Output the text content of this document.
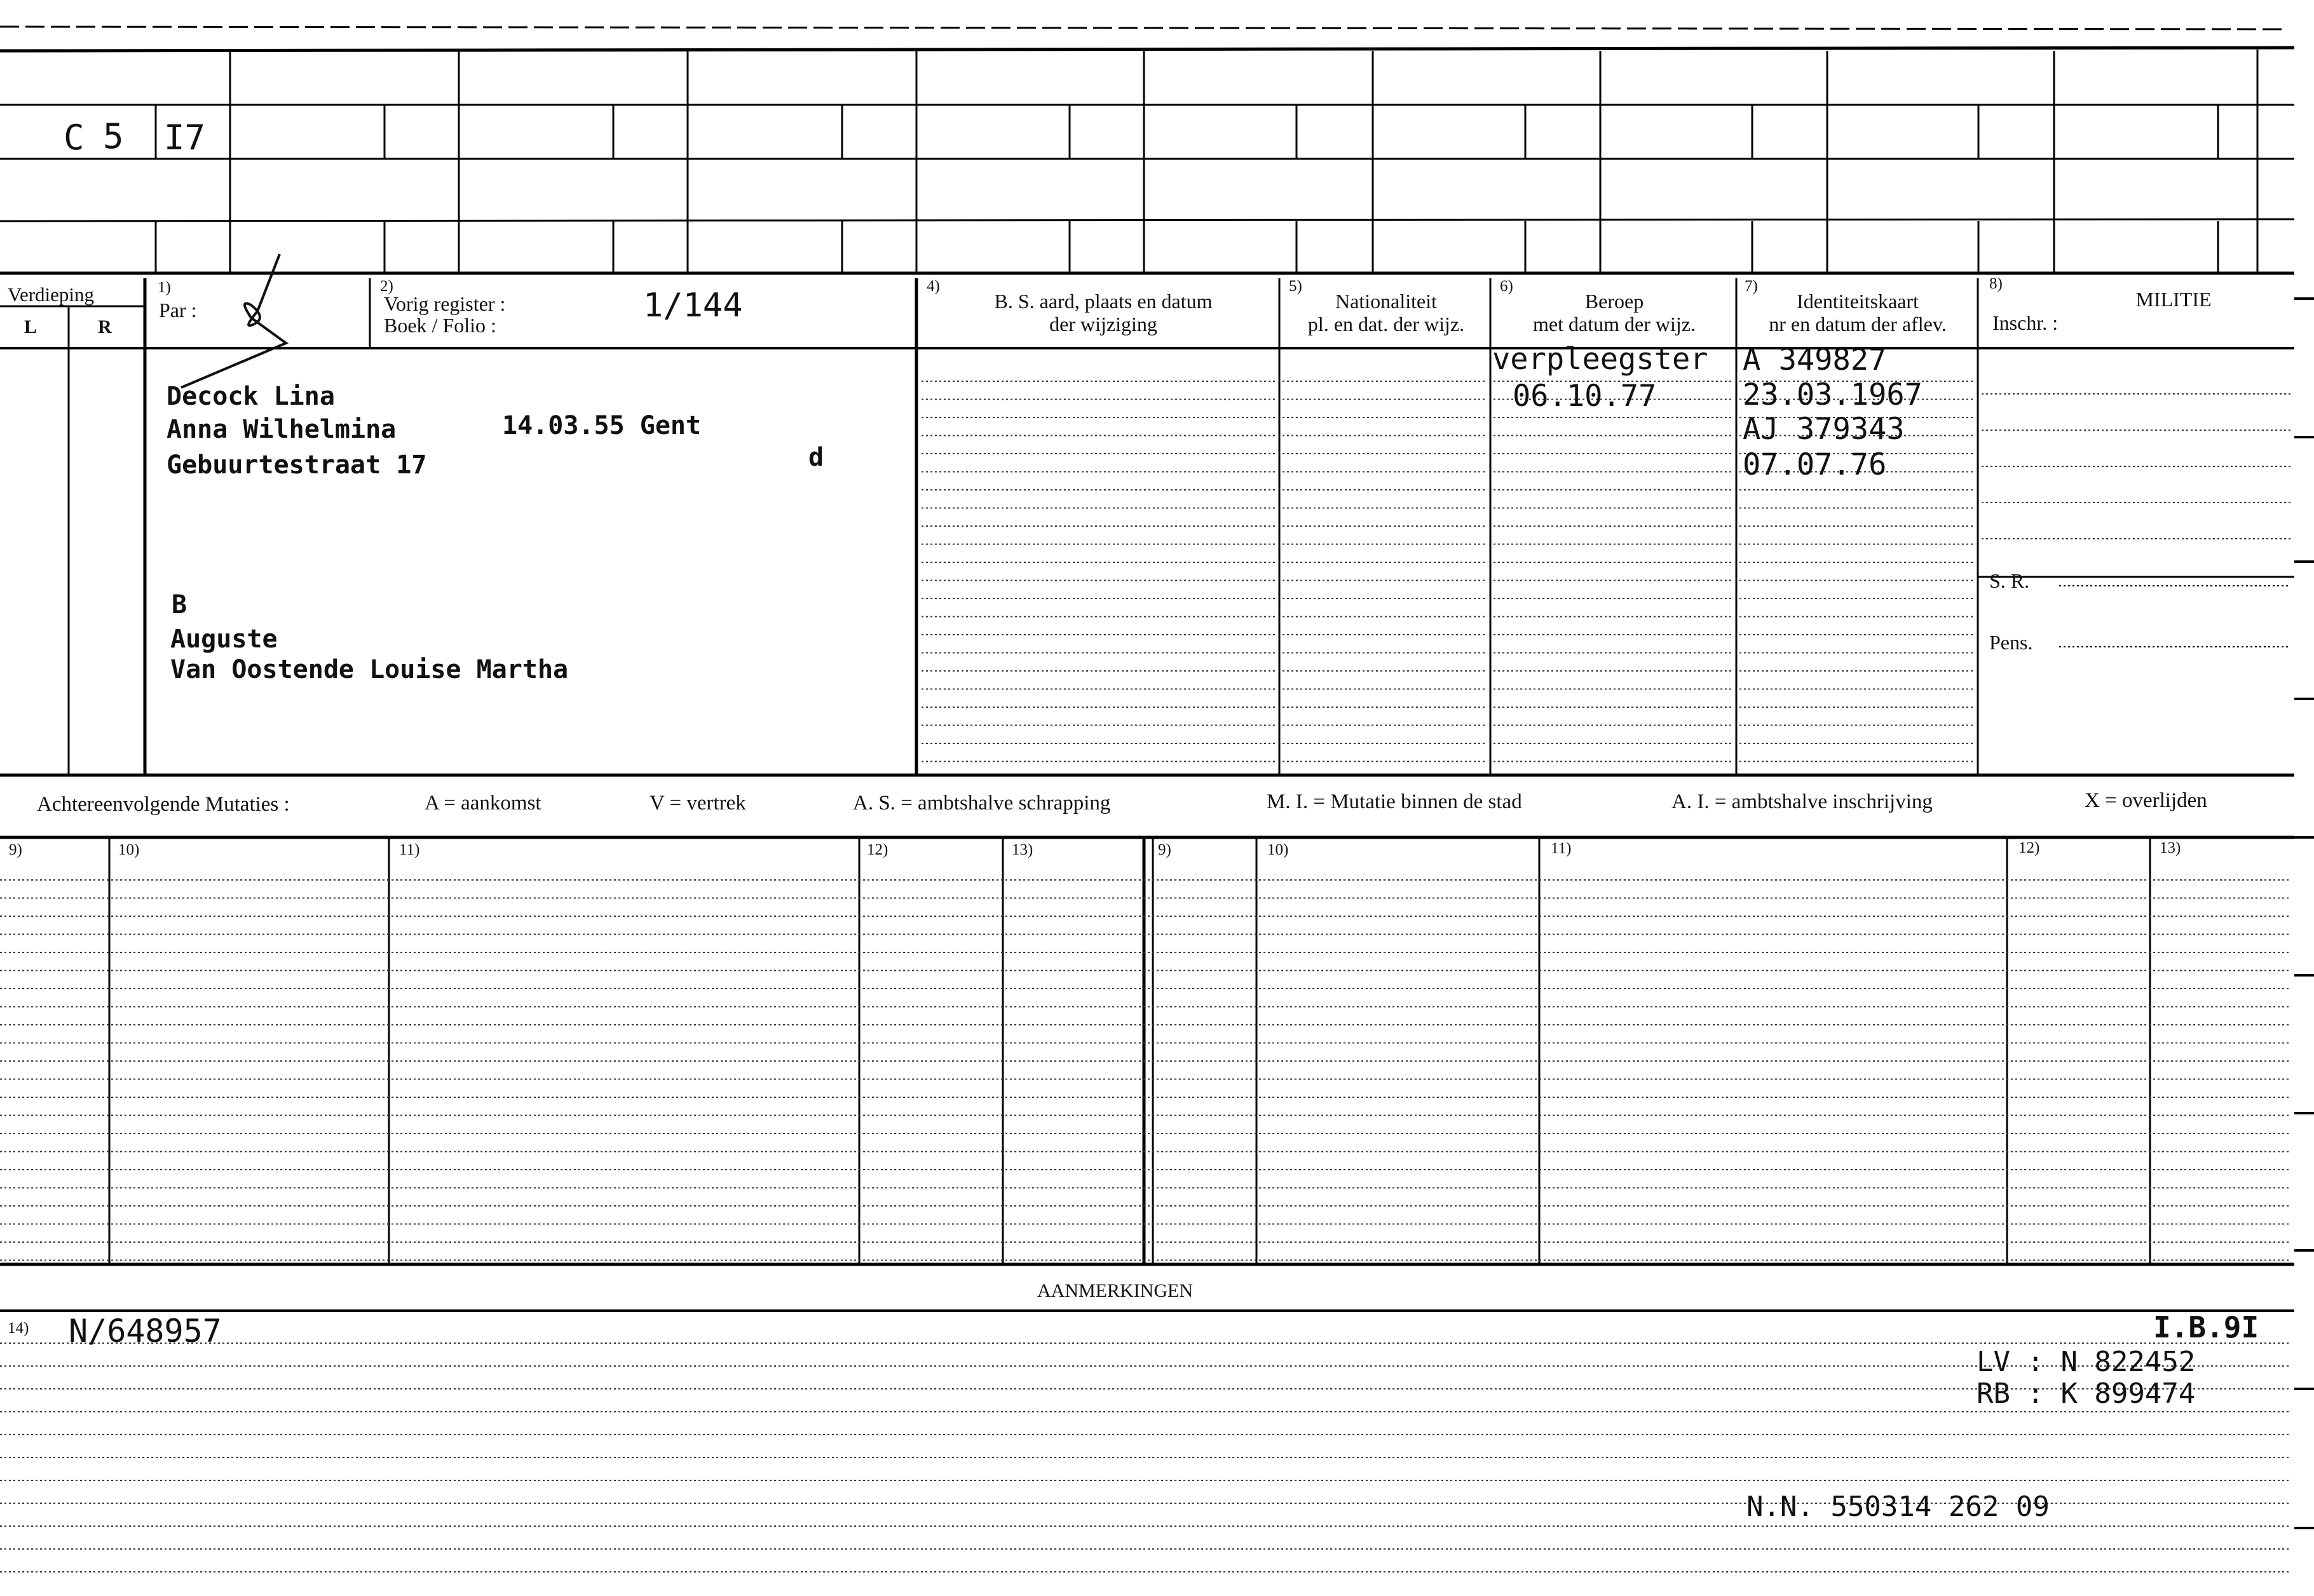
C 5 I7
Verdieping
L	R
1)
Par :
2)
Vorig register :
Boek / Folio :
1/144
4)
B. S. aard, plaats en datum
der wijziging
5)
Nationaliteit
pl. en dat. der wijz.
6)
Beroep
met datum der wijz.
7)
Identiteitskaart
nr en datum der aflev.
8)
MILITIE
Inschr. :
S. R.
Pens.
Decock Lina
Anna Wilhelmina	14.03.55 Gent
Gebuurtestraat 17	d
B
Auguste
Van Oostende Louise Martha
verpleegster
06.10.77
A 349827
23.03.1967
AJ 379343
07.07.76
Achtereenvolgende Mutaties :	A = aankomst	V = vertrek	A. S. = ambtshalve schrapping	M. I. = Mutatie binnen de stad	A. I. = ambtshalve inschrijving	X = overlijden
9)	10)	11)	12)	13)	9)	10)	11)	12)	13)
AANMERKINGEN
14) N/648957	I.B.9I
LV : N 822452
RB : K 899474
N.N. 550314 262 09
